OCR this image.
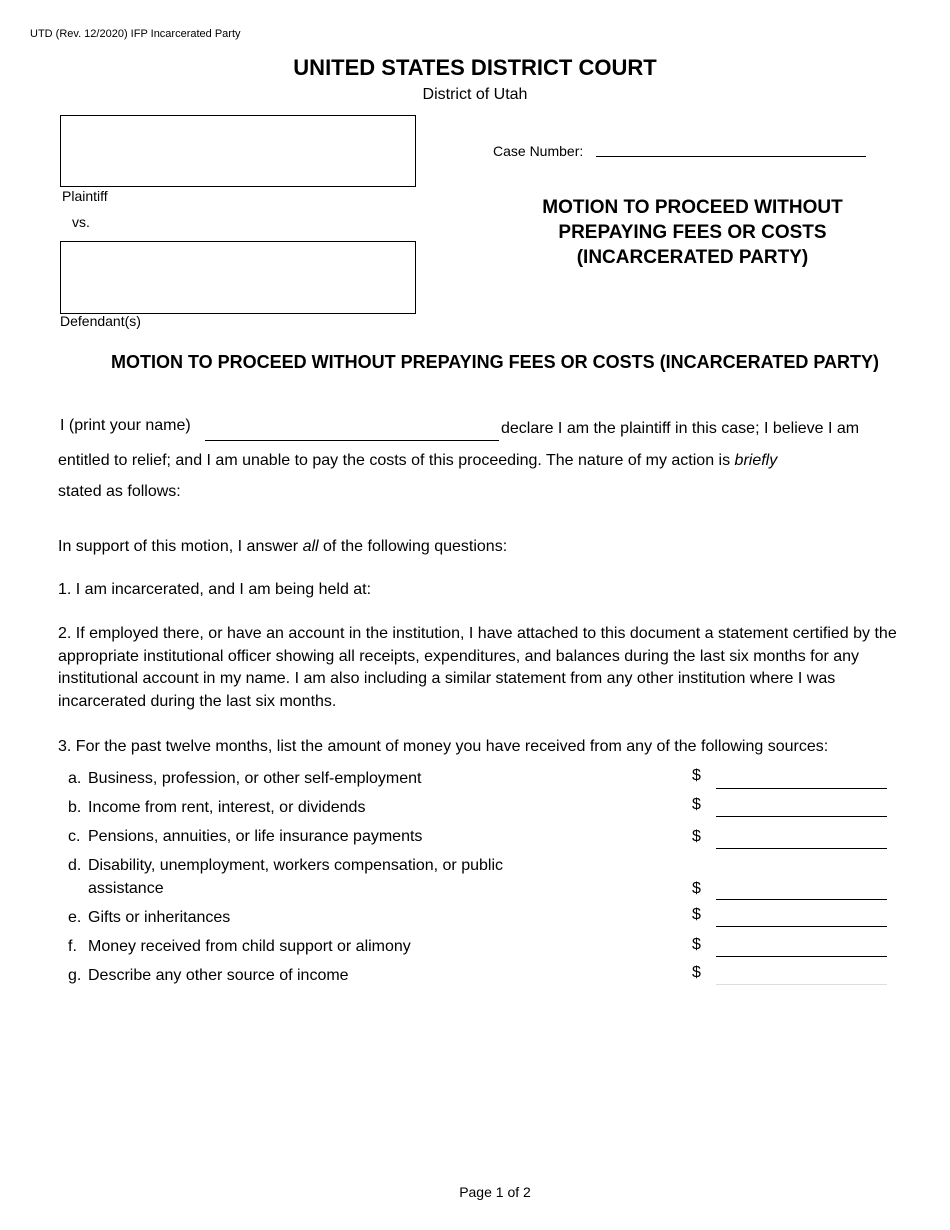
UTD (Rev. 12/2020) IFP Incarcerated Party
UNITED STATES DISTRICT COURT
District of Utah
Plaintiff
vs.
Defendant(s)
Case Number:
MOTION TO PROCEED WITHOUT
PREPAYING FEES OR COSTS
(INCARCERATED PARTY)
MOTION TO PROCEED WITHOUT PREPAYING FEES OR COSTS (INCARCERATED PARTY)
I (print your name)	declare I am the plaintiff in this case; I believe I am
entitled to relief; and I am unable to pay the costs of this proceeding. The nature of my action is briefly
stated as follows:
In support of this motion, I answer all of the following questions:
1. I am incarcerated, and I am being held at:
2. If employed there, or have an account in the institution, I have attached to this document a statement certified by the appropriate institutional officer showing all receipts, expenditures, and balances during the last six months for any institutional account in my name. I am also including a similar statement from any other institution where I was incarcerated during the last six months.
3. For the past twelve months, list the amount of money you have received from any of the following sources:
a. Business, profession, or other self-employment
b. Income from rent, interest, or dividends
c. Pensions, annuities, or life insurance payments
d. Disability, unemployment, workers compensation, or public assistance
e. Gifts or inheritances
f. Money received from child support or alimony
g. Describe any other source of income
$
$
$
$
$
$
$
Page 1 of 2
